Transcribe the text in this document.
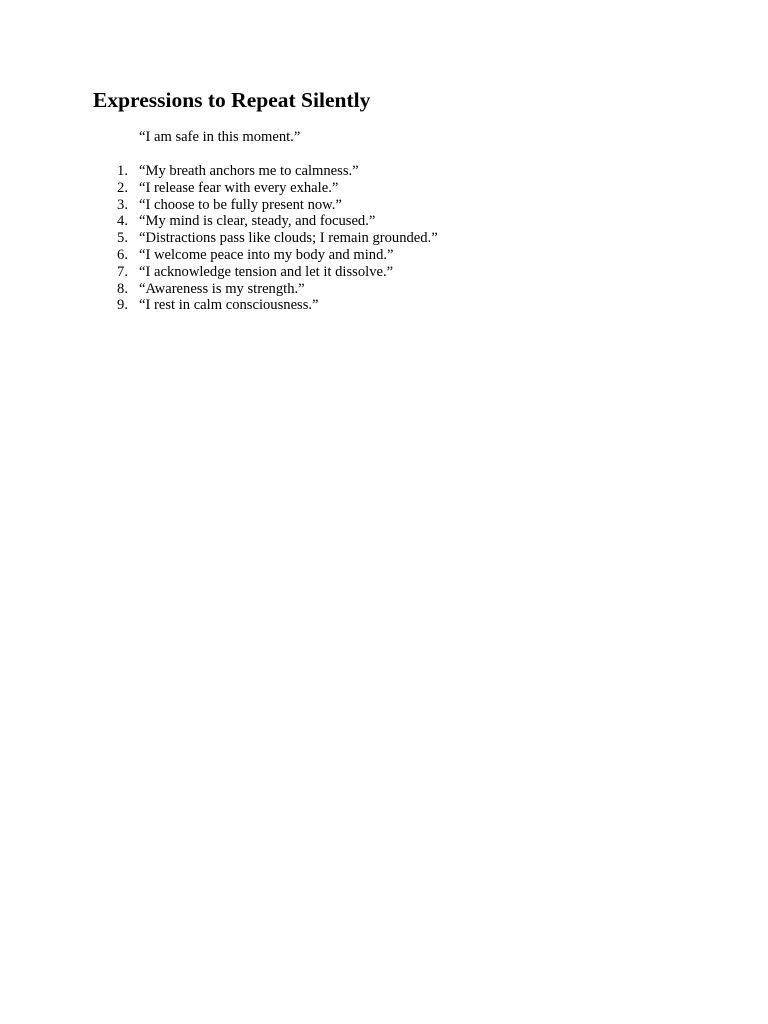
Expressions to Repeat Silently

“I am safe in this moment.”

1. “My breath anchors me to calmness.”
2. “I release fear with every exhale.”
3. “I choose to be fully present now.”
4. “My mind is clear, steady, and focused.”
5. “Distractions pass like clouds; I remain grounded.”
6. “I welcome peace into my body and mind.”
7. “I acknowledge tension and let it dissolve.”
8. “Awareness is my strength.”
9. “I rest in calm consciousness.”
